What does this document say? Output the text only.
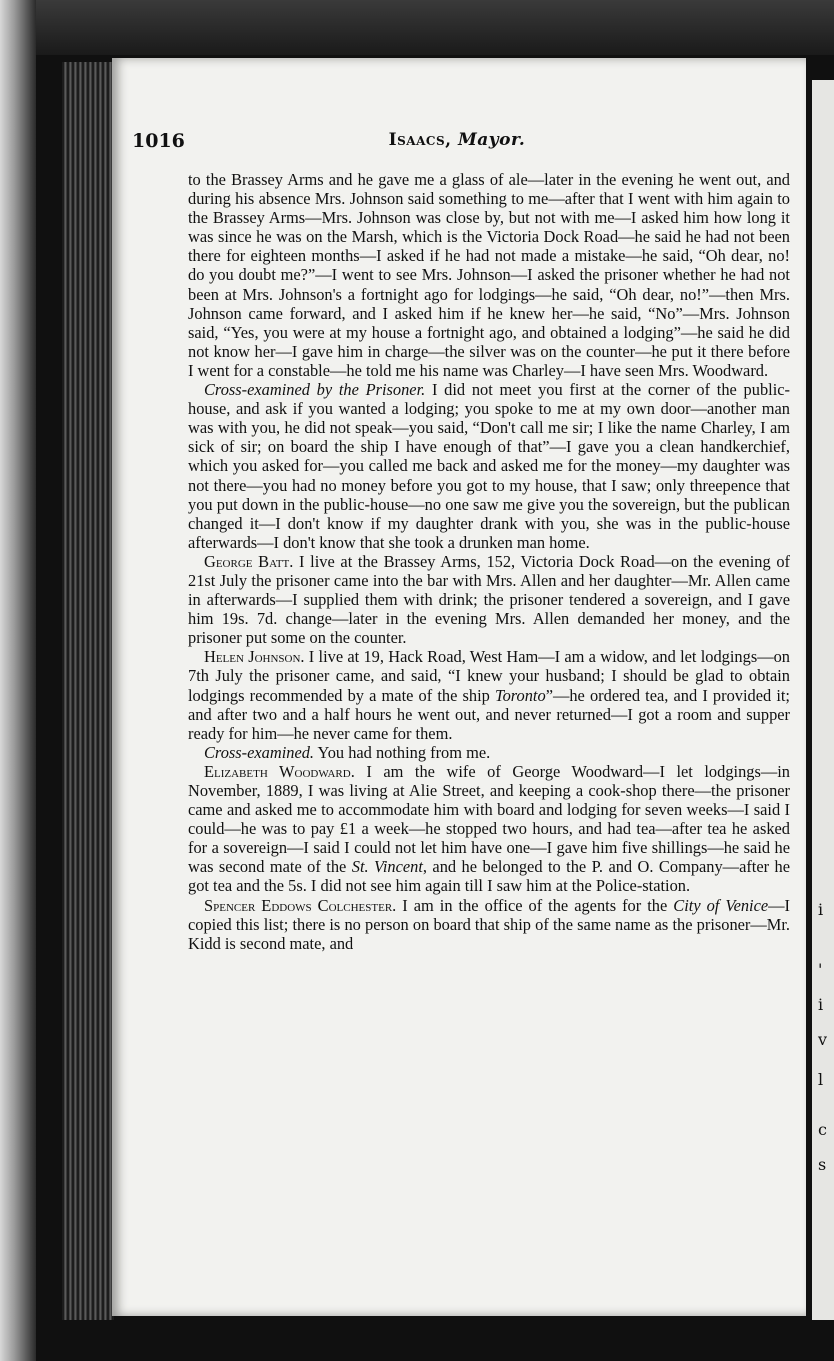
i
'
i
v
l
c
s
1016	Isaacs, Mayor.

to the Brassey Arms and he gave me a glass of ale—later in the evening he went out, and during his absence Mrs. Johnson said something to me—after that I went with him again to the Brassey Arms—Mrs. Johnson was close by, but not with me—I asked him how long it was since he was on the Marsh, which is the Victoria Dock Road—he said he had not been there for eighteen months—I asked if he had not made a mistake—he said, “Oh dear, no! do you doubt me?”—I went to see Mrs. Johnson—I asked the prisoner whether he had not been at Mrs. Johnson's a fortnight ago for lodgings—he said, “Oh dear, no!”—then Mrs. Johnson came forward, and I asked him if he knew her—he said, “No”—Mrs. Johnson said, “Yes, you were at my house a fortnight ago, and obtained a lodging”—he said he did not know her—I gave him in charge—the silver was on the counter—he put it there before I went for a constable—he told me his name was Charley—I have seen Mrs. Woodward.

Cross-examined by the Prisoner. I did not meet you first at the corner of the public-house, and ask if you wanted a lodging; you spoke to me at my own door—another man was with you, he did not speak—you said, “Don't call me sir; I like the name Charley, I am sick of sir; on board the ship I have enough of that”—I gave you a clean handkerchief, which you asked for—you called me back and asked me for the money—my daughter was not there—you had no money before you got to my house, that I saw; only threepence that you put down in the public-house—no one saw me give you the sovereign, but the publican changed it—I don't know if my daughter drank with you, she was in the public-house afterwards—I don't know that she took a drunken man home.

George Batt. I live at the Brassey Arms, 152, Victoria Dock Road—on the evening of 21st July the prisoner came into the bar with Mrs. Allen and her daughter—Mr. Allen came in afterwards—I supplied them with drink; the prisoner tendered a sovereign, and I gave him 19s. 7d. change—later in the evening Mrs. Allen demanded her money, and the prisoner put some on the counter.

Helen Johnson. I live at 19, Hack Road, West Ham—I am a widow, and let lodgings—on 7th July the prisoner came, and said, “I knew your husband; I should be glad to obtain lodgings recommended by a mate of the ship Toronto”—he ordered tea, and I provided it; and after two and a half hours he went out, and never returned—I got a room and supper ready for him—he never came for them.

Cross-examined. You had nothing from me.

Elizabeth Woodward. I am the wife of George Woodward—I let lodgings—in November, 1889, I was living at Alie Street, and keeping a cook-shop there—the prisoner came and asked me to accommodate him with board and lodging for seven weeks—I said I could—he was to pay £1 a week—he stopped two hours, and had tea—after tea he asked for a sovereign—I said I could not let him have one—I gave him five shillings—he said he was second mate of the St. Vincent, and he belonged to the P. and O. Company—after he got tea and the 5s. I did not see him again till I saw him at the Police-station.

Spencer Eddows Colchester. I am in the office of the agents for the City of Venice—I copied this list; there is no person on board that ship of the same name as the prisoner—Mr. Kidd is second mate, and
